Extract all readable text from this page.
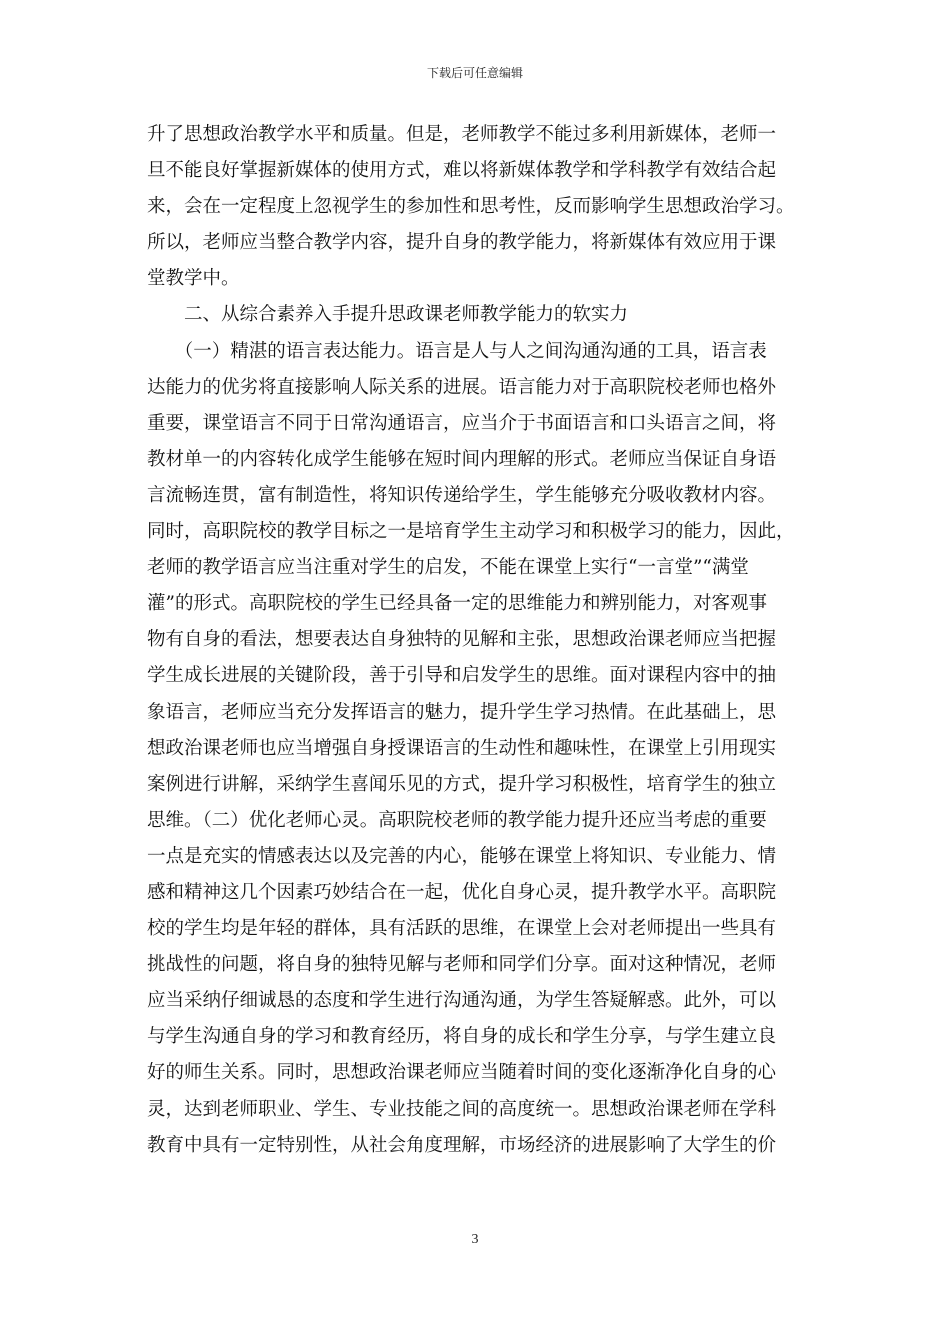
下载后可任意编辑
升了思想政治教学水平和质量。但是，老师教学不能过多利用新媒体，老师一
旦不能良好掌握新媒体的使用方式，难以将新媒体教学和学科教学有效结合起
来，会在一定程度上忽视学生的参加性和思考性，反而影响学生思想政治学习。
所以，老师应当整合教学内容，提升自身的教学能力，将新媒体有效应用于课
堂教学中。
　　二、从综合素养入手提升思政课老师教学能力的软实力
　　（一）精湛的语言表达能力。语言是人与人之间沟通沟通的工具，语言表
达能力的优劣将直接影响人际关系的进展。语言能力对于高职院校老师也格外
重要，课堂语言不同于日常沟通语言，应当介于书面语言和口头语言之间，将
教材单一的内容转化成学生能够在短时间内理解的形式。老师应当保证自身语
言流畅连贯，富有制造性，将知识传递给学生，学生能够充分吸收教材内容。
同时，高职院校的教学目标之一是培育学生主动学习和积极学习的能力，因此，
老师的教学语言应当注重对学生的启发，不能在课堂上实行“一言堂”“满堂
灌”的形式。高职院校的学生已经具备一定的思维能力和辨别能力，对客观事
物有自身的看法，想要表达自身独特的见解和主张，思想政治课老师应当把握
学生成长进展的关键阶段，善于引导和启发学生的思维。面对课程内容中的抽
象语言，老师应当充分发挥语言的魅力，提升学生学习热情。在此基础上，思
想政治课老师也应当增强自身授课语言的生动性和趣味性，在课堂上引用现实
案例进行讲解，采纳学生喜闻乐见的方式，提升学习积极性，培育学生的独立
思维。（二）优化老师心灵。高职院校老师的教学能力提升还应当考虑的重要
一点是充实的情感表达以及完善的内心，能够在课堂上将知识、专业能力、情
感和精神这几个因素巧妙结合在一起，优化自身心灵，提升教学水平。高职院
校的学生均是年轻的群体，具有活跃的思维，在课堂上会对老师提出一些具有
挑战性的问题，将自身的独特见解与老师和同学们分享。面对这种情况，老师
应当采纳仔细诚恳的态度和学生进行沟通沟通，为学生答疑解惑。此外，可以
与学生沟通自身的学习和教育经历，将自身的成长和学生分享，与学生建立良
好的师生关系。同时，思想政治课老师应当随着时间的变化逐渐净化自身的心
灵，达到老师职业、学生、专业技能之间的高度统一。思想政治课老师在学科
教育中具有一定特别性，从社会角度理解，市场经济的进展影响了大学生的价
3
